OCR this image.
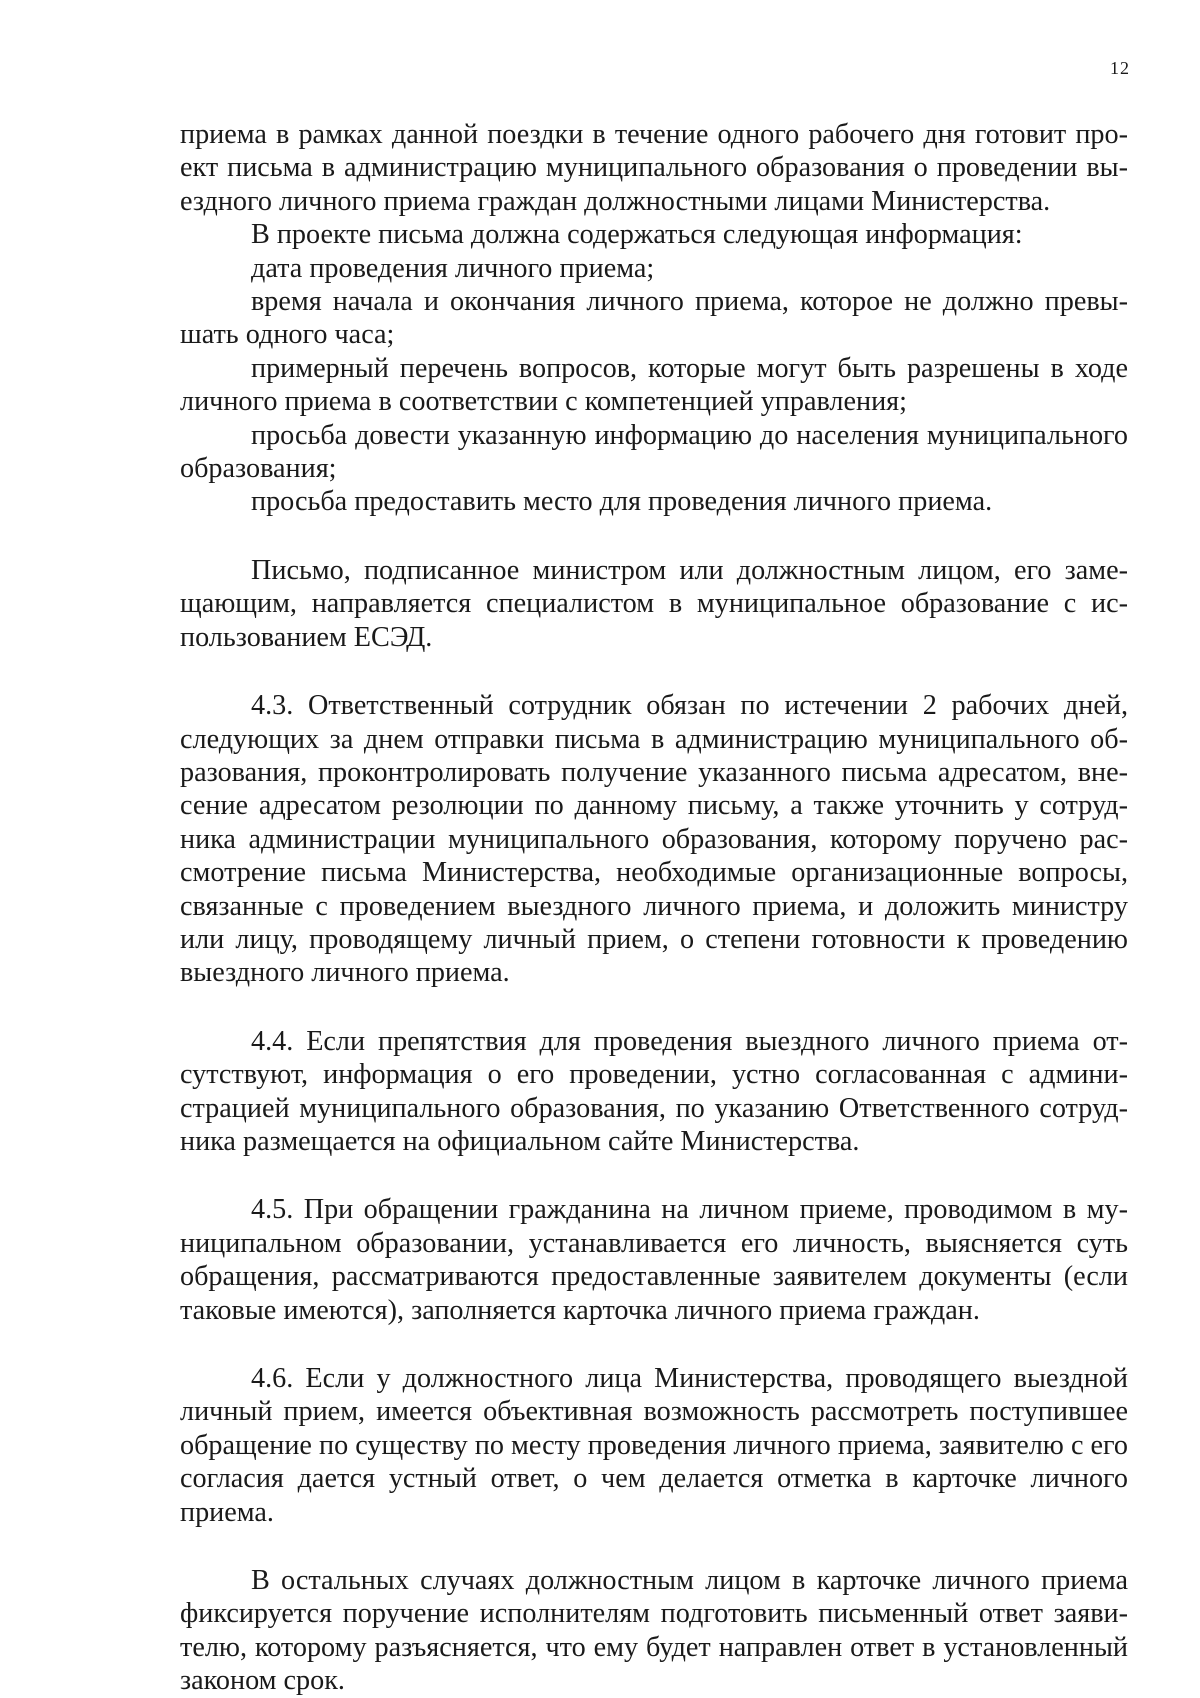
12

приема в рамках данной поездки в течение одного рабочего дня готовит проект письма в администрацию муниципального образования о проведении выездного личного приема граждан должностными лицами Министерства.

В проекте письма должна содержаться следующая информация:

дата проведения личного приема;

время начала и окончания личного приема, которое не должно превышать одного часа;

примерный перечень вопросов, которые могут быть разрешены в ходе личного приема в соответствии с компетенцией управления;

просьба довести указанную информацию до населения муниципального образования;

просьба предоставить место для проведения личного приема.

Письмо, подписанное министром или должностным лицом, его замещающим, направляется специалистом в муниципальное образование с использованием ЕСЭД.

4.3. Ответственный сотрудник обязан по истечении 2 рабочих дней, следующих за днем отправки письма в администрацию муниципального образования, проконтролировать получение указанного письма адресатом, внесение адресатом резолюции по данному письму, а также уточнить у сотрудника администрации муниципального образования, которому поручено рассмотрение письма Министерства, необходимые организационные вопросы, связанные с проведением выездного личного приема, и доложить министру или лицу, проводящему личный прием, о степени готовности к проведению выездного личного приема.

4.4. Если препятствия для проведения выездного личного приема отсутствуют, информация о его проведении, устно согласованная с администрацией муниципального образования, по указанию Ответственного сотрудника размещается на официальном сайте Министерства.

4.5. При обращении гражданина на личном приеме, проводимом в муниципальном образовании, устанавливается его личность, выясняется суть обращения, рассматриваются предоставленные заявителем документы (если таковые имеются), заполняется карточка личного приема граждан.

4.6. Если у должностного лица Министерства, проводящего выездной личный прием, имеется объективная возможность рассмотреть поступившее обращение по существу по месту проведения личного приема, заявителю с его согласия дается устный ответ, о чем делается отметка в карточке личного приема.

В остальных случаях должностным лицом в карточке личного приема фиксируется поручение исполнителям подготовить письменный ответ заявителю, которому разъясняется, что ему будет направлен ответ в установленный законом срок.
